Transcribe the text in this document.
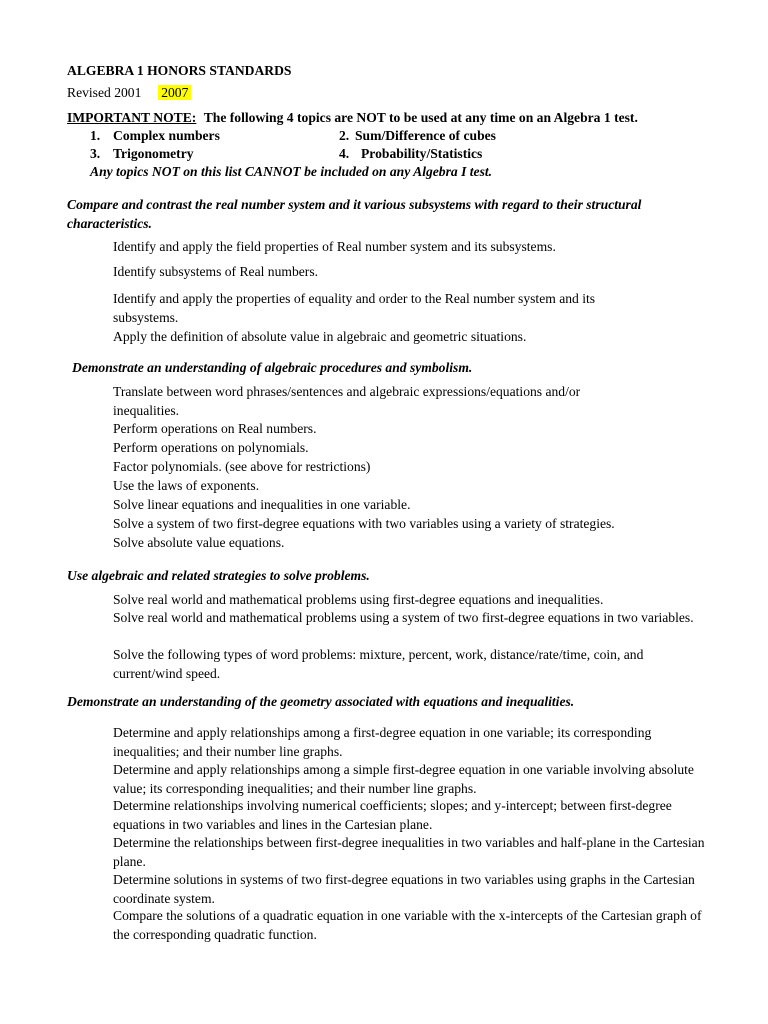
ALGEBRA 1 HONORS STANDARDS
Revised 2001 2007
IMPORTANT NOTE: The following 4 topics are NOT to be used at any time on an Algebra 1 test.
1. Complex numbers	2. Sum/Difference of cubes
3. Trigonometry	4. Probability/Statistics
Any topics NOT on this list CANNOT be included on any Algebra I test.
Compare and contrast the real number system and it various subsystems with regard to their structural characteristics.
Identify and apply the field properties of Real number system and its subsystems.
Identify subsystems of Real numbers.
Identify and apply the properties of equality and order to the Real number system and its subsystems.
Apply the definition of absolute value in algebraic and geometric situations.
Demonstrate an understanding of algebraic procedures and symbolism.
Translate between word phrases/sentences and algebraic expressions/equations and/or inequalities.
Perform operations on Real numbers.
Perform operations on polynomials.
Factor polynomials. (see above for restrictions)
Use the laws of exponents.
Solve linear equations and inequalities in one variable.
Solve a system of two first-degree equations with two variables using a variety of strategies.
Solve absolute value equations.
Use algebraic and related strategies to solve problems.
Solve real world and mathematical problems using first-degree equations and inequalities.
Solve real world and mathematical problems using a system of two first-degree equations in two variables.
Solve the following types of word problems: mixture, percent, work, distance/rate/time, coin, and current/wind speed.
Demonstrate an understanding of the geometry associated with equations and inequalities.
Determine and apply relationships among a first-degree equation in one variable; its corresponding inequalities; and their number line graphs.
Determine and apply relationships among a simple first-degree equation in one variable involving absolute value; its corresponding inequalities; and their number line graphs.
Determine relationships involving numerical coefficients; slopes; and y-intercept; between first-degree equations in two variables and lines in the Cartesian plane.
Determine the relationships between first-degree inequalities in two variables and half-plane in the Cartesian plane.
Determine solutions in systems of two first-degree equations in two variables using graphs in the Cartesian coordinate system.
Compare the solutions of a quadratic equation in one variable with the x-intercepts of the Cartesian graph of the corresponding quadratic function.
